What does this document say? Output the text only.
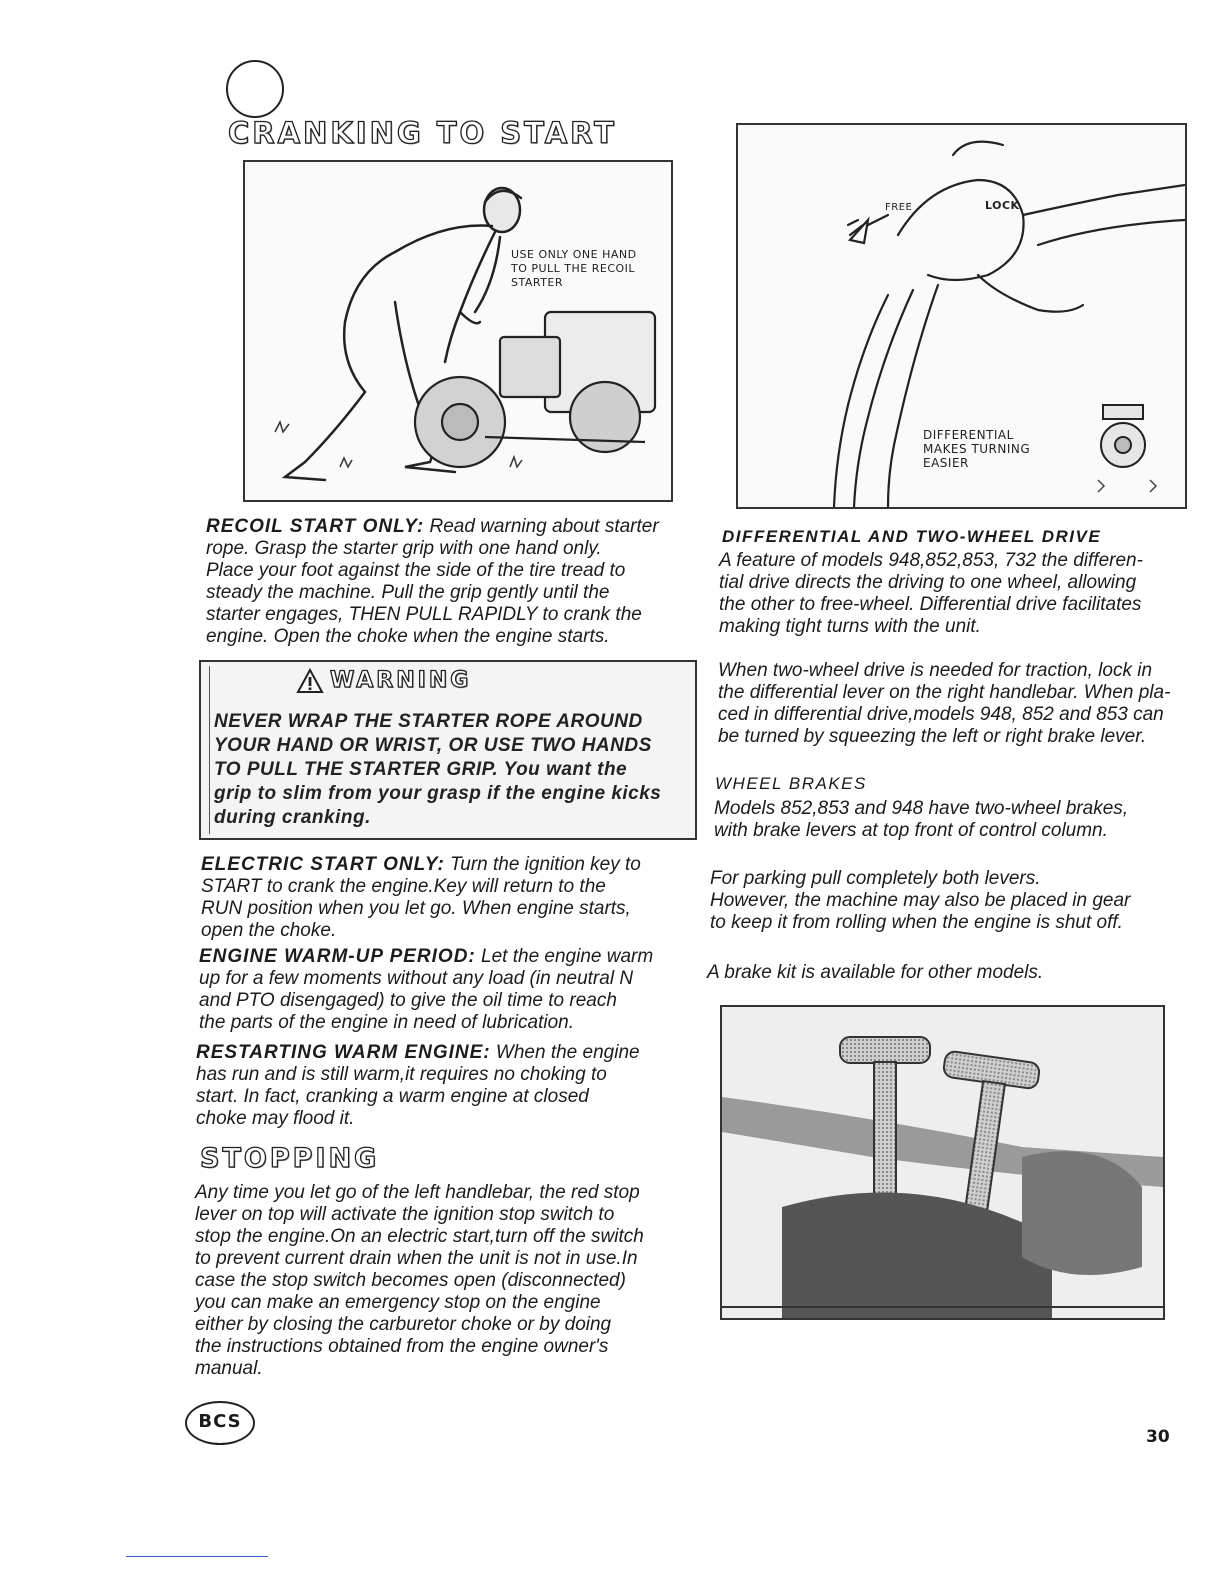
CRANKING TO START
USE ONLY ONE HAND
TO PULL THE RECOIL
STARTER
RECOIL START ONLY: Read warning about starter
rope. Grasp the starter grip with one hand only.
Place your foot against the side of the tire tread to
steady the machine. Pull the grip gently until the
starter engages, THEN PULL RAPIDLY to crank the
engine. Open the choke when the engine starts.
WARNING
NEVER WRAP THE STARTER ROPE AROUND
YOUR HAND OR WRIST, OR USE TWO HANDS
TO PULL THE STARTER GRIP. You want the
grip to slim from your grasp if the engine kicks
during cranking.
ELECTRIC START ONLY: Turn the ignition key to
START to crank the engine.Key will return to the
RUN position when you let go. When engine starts,
open the choke.
ENGINE WARM-UP PERIOD: Let the engine warm
up for a few moments without any load (in neutral N
and PTO disengaged) to give the oil time to reach
the parts of the engine in need of lubrication.
RESTARTING WARM ENGINE: When the engine
has run and is still warm,it requires no choking to
start. In fact, cranking a warm engine at closed
choke may flood it.
STOPPING
Any time you let go of the left handlebar, the red stop
lever on top will activate the ignition stop switch to
stop the engine.On an electric start,turn off the switch
to prevent current drain when the unit is not in use.In
case the stop switch becomes open (disconnected)
you can make an emergency stop on the engine
either by closing the carburetor choke or by doing
the instructions obtained from the engine owner's
manual.
FREE	LOCK
DIFFERENTIAL
MAKES TURNING
EASIER
DIFFERENTIAL AND TWO-WHEEL DRIVE
A feature of models 948,852,853, 732 the differen-
tial drive directs the driving to one wheel, allowing
the other to free-wheel. Differential drive facilitates
making tight turns with the unit.
When two-wheel drive is needed for traction, lock in
the differential lever on the right handlebar. When pla-
ced in differential drive,models 948, 852 and 853 can
be turned by squeezing the left or right brake lever.
WHEEL BRAKES
Models 852,853 and 948 have two-wheel brakes,
with brake levers at top front of control column.
For parking pull completely both levers.
However, the machine may also be placed in gear
to keep it from rolling when the engine is shut off.
A brake kit is available for other models.
BCS
30
